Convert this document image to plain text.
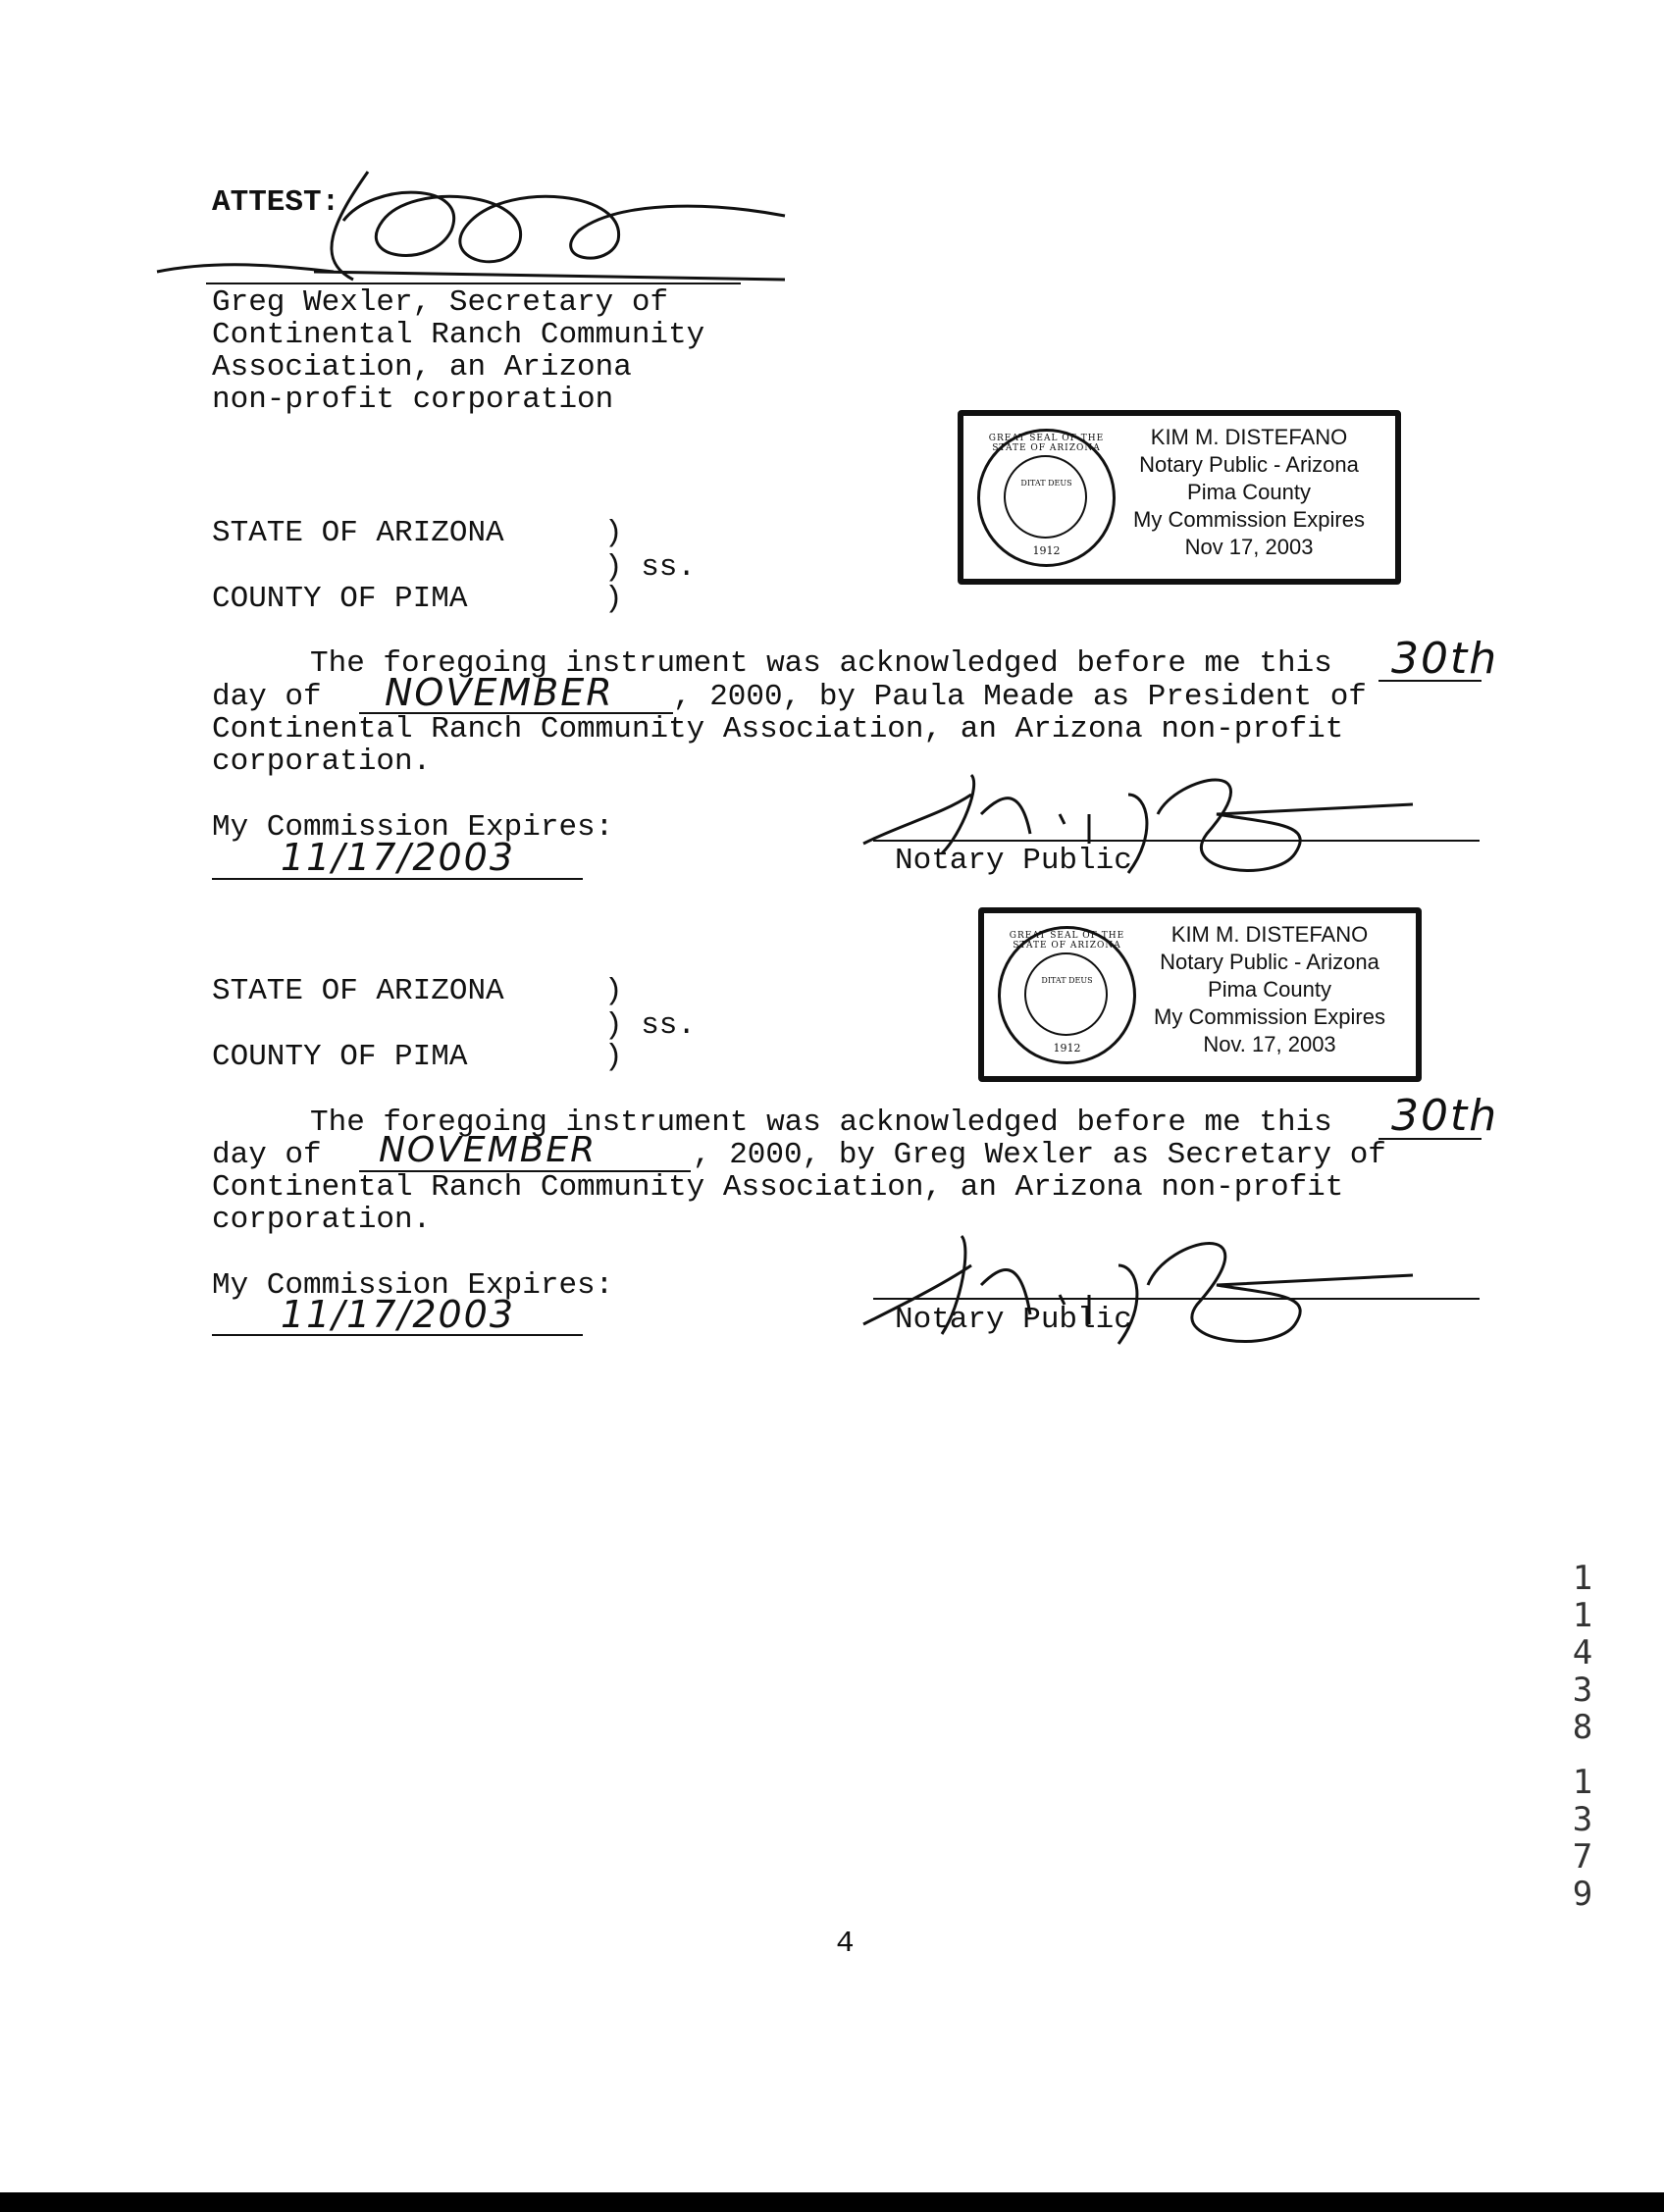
ATTEST:
Greg Wexler, Secretary of
Continental Ranch Community
Association, an Arizona
non-profit corporation
GREAT SEAL OF THE STATE OF ARIZONA
DITAT DEUS
1912
KIM M. DISTEFANO
Notary Public - Arizona
Pima County
My Commission Expires
Nov 17, 2003
STATE OF ARIZONA	)
) ss.
COUNTY OF PIMA	)
The foregoing instrument was acknowledged before me this 30th
day of NOVEMBER , 2000, by Paula Meade as President of
Continental Ranch Community Association, an Arizona non-profit
corporation.
My Commission Expires:
11/17/2003	Notary Public
GREAT SEAL OF THE STATE OF ARIZONA
DITAT DEUS
1912
KIM M. DISTEFANO
Notary Public - Arizona
Pima County
My Commission Expires
Nov. 17, 2003
STATE OF ARIZONA	)
) ss.
COUNTY OF PIMA	)
The foregoing instrument was acknowledged before me this 30th
day of NOVEMBER	, 2000, by Greg Wexler as Secretary of
Continental Ranch Community Association, an Arizona non-profit
corporation.
My Commission Expires:
11/17/2003	Notary Public
1
1
4
3
8
1
3
7
9
4
